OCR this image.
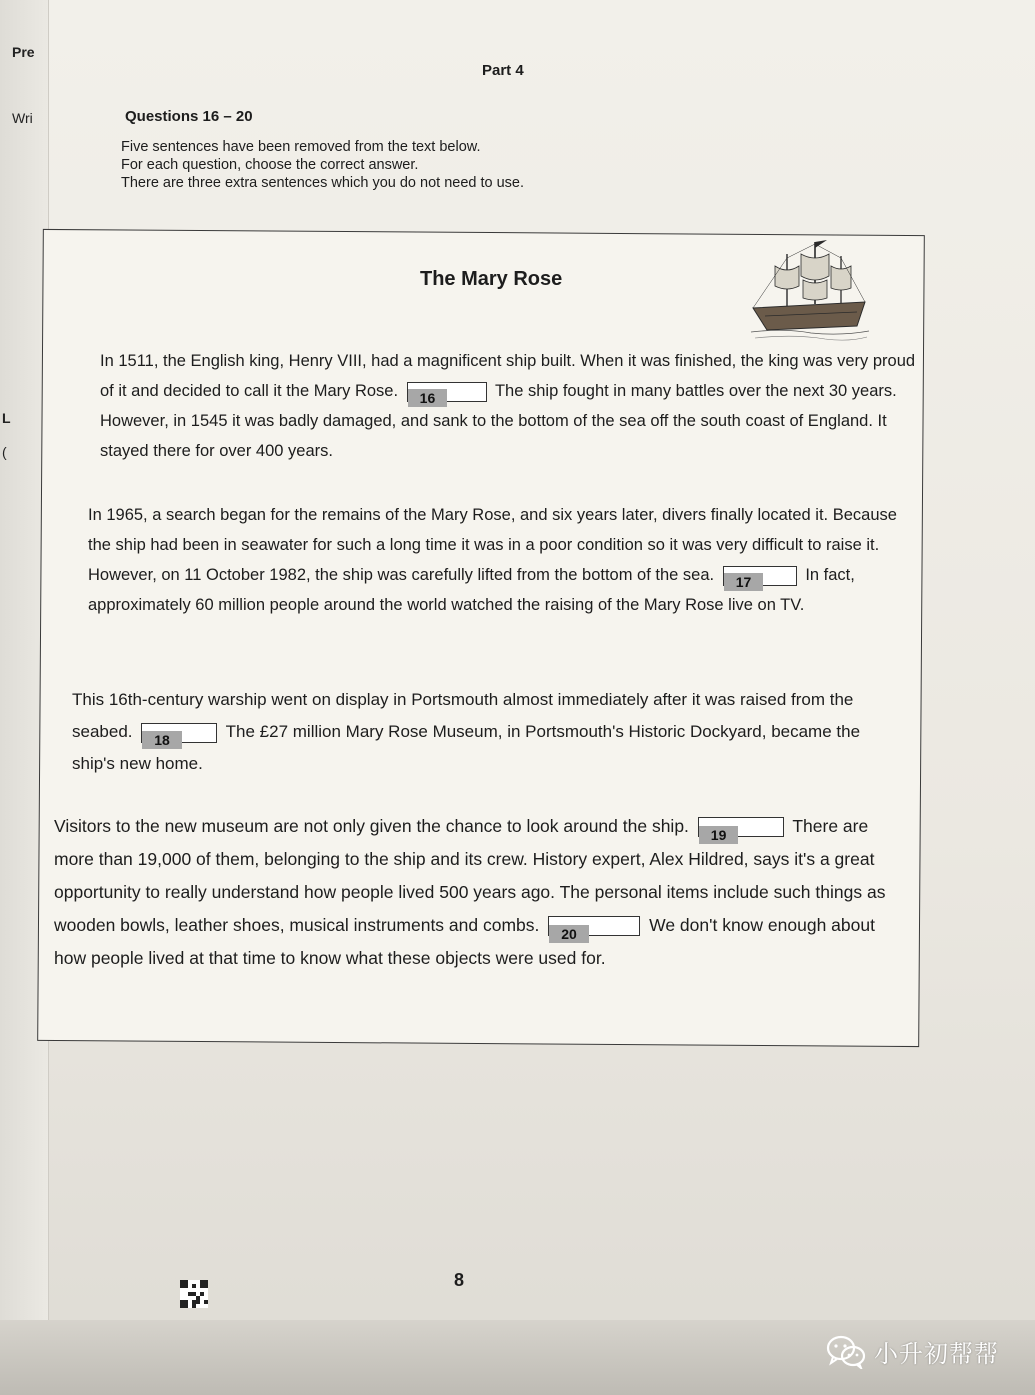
Pre
Wri
L
(
Part 4
Questions 16 – 20
Five sentences have been removed from the text below.
For each question, choose the correct answer.
There are three extra sentences which you do not need to use.
The Mary Rose
In 1511, the English king, Henry VIII, had a magnificent ship built. When it was finished, the king was very proud of it and decided to call it the Mary Rose. 16	The ship fought in many battles over the next 30 years. However, in 1545 it was badly damaged, and sank to the bottom of the sea off the south coast of England. It stayed there for over 400 years.
In 1965, a search began for the remains of the Mary Rose, and six years later, divers finally located it. Because the ship had been in seawater for such a long time it was in a poor condition so it was very difficult to raise it. However, on 11 October 1982, the ship was carefully lifted from the bottom of the sea. 17	In fact, approximately 60 million people around the world watched the raising of the Mary Rose live on TV.
This 16th-century warship went on display in Portsmouth almost immediately after it was raised from the seabed. 18	The £27 million Mary Rose Museum, in Portsmouth's Historic Dockyard, became the ship's new home.
Visitors to the new museum are not only given the chance to look around the ship. 19	There are more than 19,000 of them, belonging to the ship and its crew. History expert, Alex Hildred, says it's a great opportunity to really understand how people lived 500 years ago. The personal items include such things as wooden bowls, leather shoes, musical instruments and combs. 20	We don't know enough about how people lived at that time to know what these objects were used for.
8
小升初帮帮
